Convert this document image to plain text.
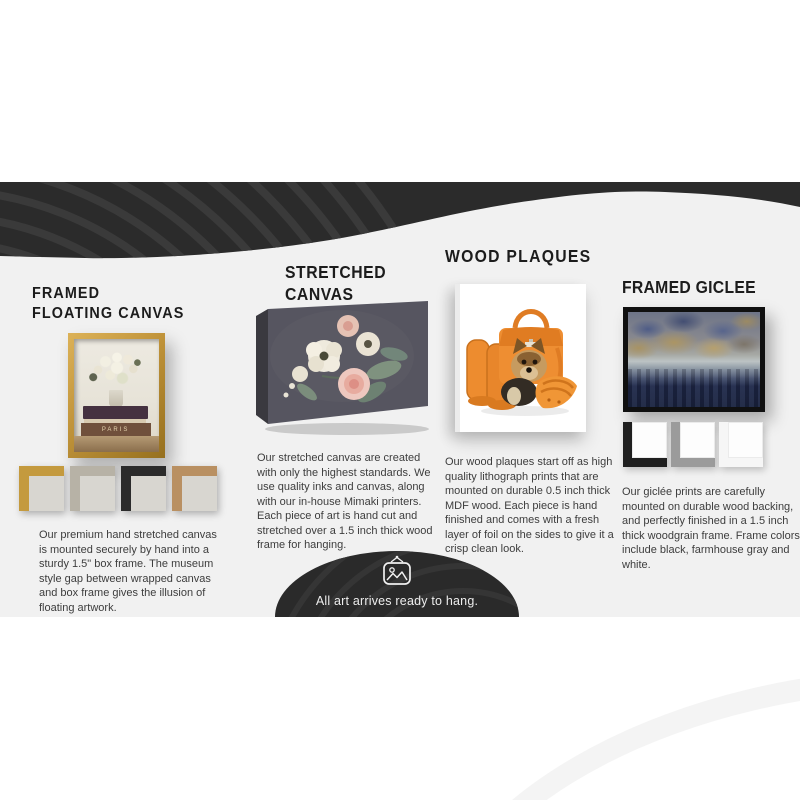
FRAMED
FLOATING CANVAS
PARIS

Our premium hand stretched canvas is mounted securely by hand into a sturdy 1.5" box frame. The museum style gap between wrapped canvas and box frame gives the illusion of floating artwork.

STRETCHED
CANVAS

Our stretched canvas are created with only the highest standards. We use quality inks and canvas, along with our in-house Mimaki printers. Each piece of art is hand cut and stretched over a 1.5 inch thick wood frame for hanging.

WOOD PLAQUES

Our wood plaques start off as high quality lithograph prints that are mounted on durable 0.5 inch thick MDF wood. Each piece is hand finished and comes with a fresh layer of foil on the sides to give it a crisp clean look.

FRAMED GICLEE

Our giclée prints are carefully mounted on durable wood backing, and perfectly finished in a 1.5 inch thick woodgrain frame. Frame colors include black, farmhouse gray and white.

All art arrives ready to hang.
